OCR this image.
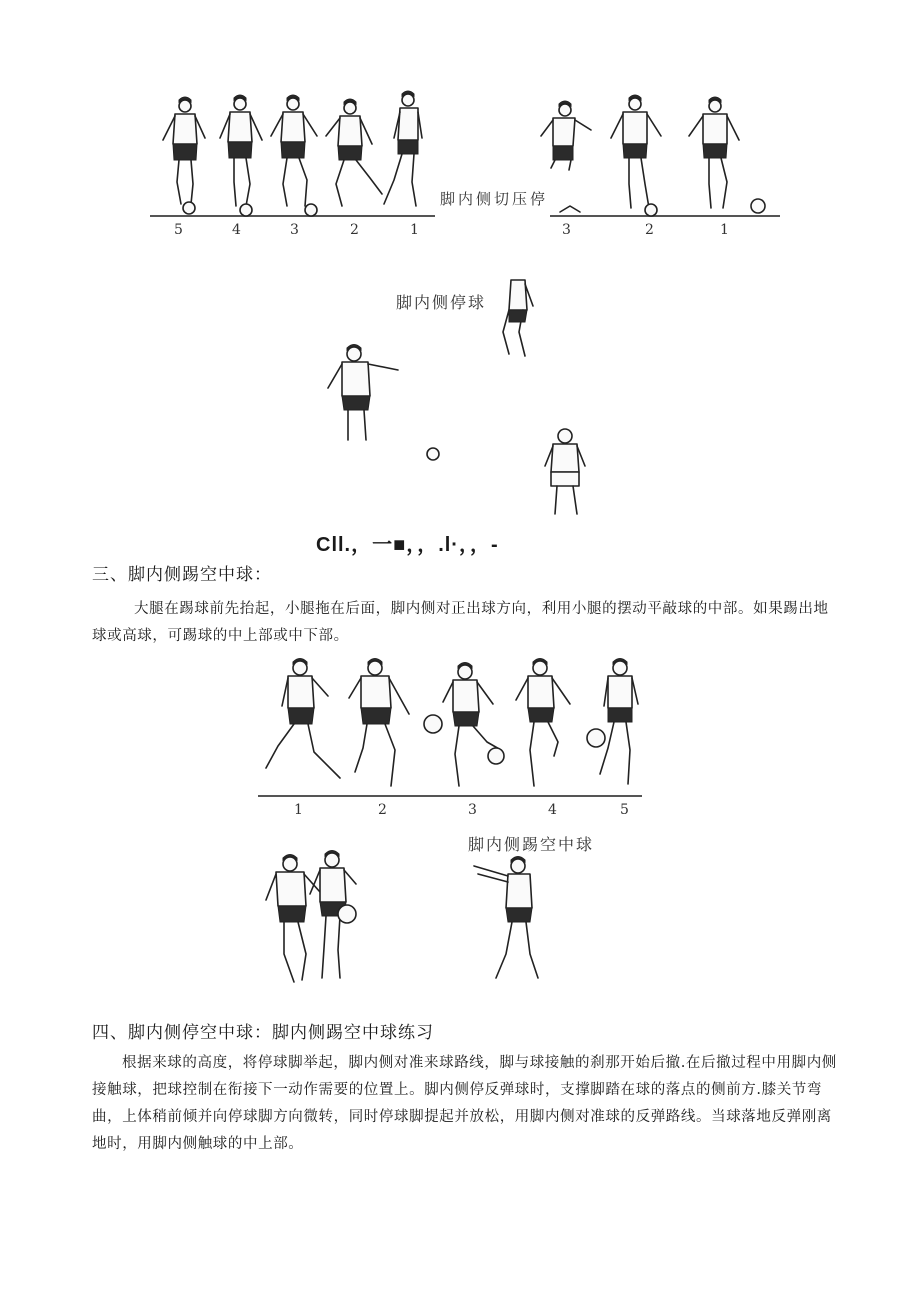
脚内侧切压停
5	4	3	2	1	3	2	1
脚内侧停球
Cll.，一■，，.l·，，-
三、脚内侧踢空中球：
大腿在踢球前先抬起，小腿拖在后面，脚内侧对正出球方向，利用小腿的摆动平敲球的中部。如果踢出地球或高球，可踢球的中上部或中下部。
1	2	3	4	5
脚内侧踢空中球
四、脚内侧停空中球：脚内侧踢空中球练习
根据来球的高度，将停球脚举起，脚内侧对准来球路线，脚与球接触的刹那开始后撤.在后撤过程中用脚内侧接触球，把球控制在衔接下一动作需要的位置上。脚内侧停反弹球时，支撑脚踏在球的落点的侧前方.膝关节弯曲，上体稍前倾并向停球脚方向微转，同时停球脚提起并放松，用脚内侧对准球的反弹路线。当球落地反弹刚离地时，用脚内侧触球的中上部。
